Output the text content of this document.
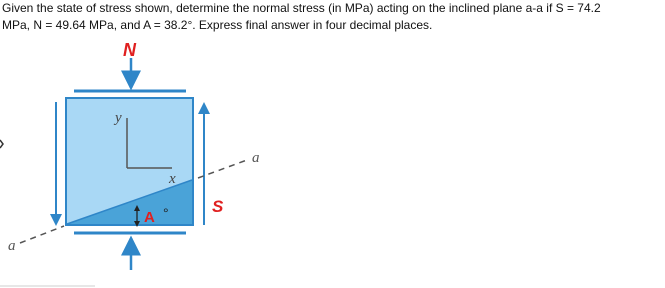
Given the state of stress shown, determine the normal stress (in MPa) acting on the inclined plane a-a if S = 74.2
MPa, N = 49.64 MPa, and A = 38.2°. Express final answer in four decimal places.
N
y
x
A °	S
a
a
